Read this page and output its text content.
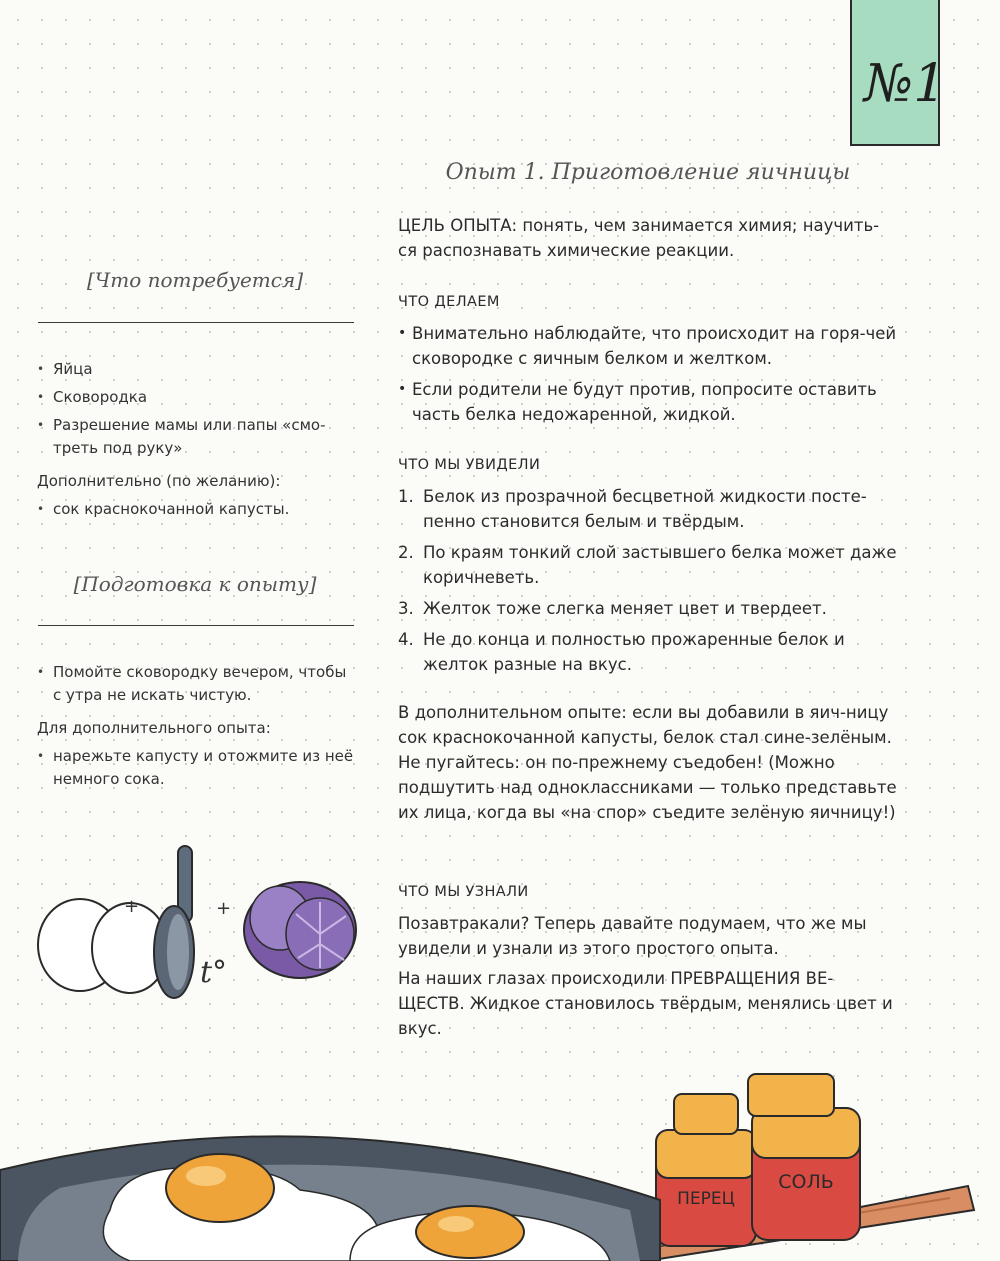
№1
Опыт 1. Приготовление яичницы
[Что потребуется]
• Яйца
• Сковородка
• Разрешение мамы или папы «смо-треть под руку»
Дополнительно (по желанию):
• сок краснокочанной капусты.
[Подготовка к опыту]
• Помойте сковородку вечером, чтобы с утра не искать чистую.
Для дополнительного опыта:
• нарежьте капусту и отожмите из неё немного сока.
ЦЕЛЬ ОПЫТА: понять, чем занимается химия; научить-ся распознавать химические реакции.
ЧТО ДЕЛАЕМ
• Внимательно наблюдайте, что происходит на горя-чей сковородке с яичным белком и желтком.
• Если родители не будут против, попросите оставить часть белка недожаренной, жидкой.
ЧТО МЫ УВИДЕЛИ
1. Белок из прозрачной бесцветной жидкости посте-пенно становится белым и твёрдым.
2. По краям тонкий слой застывшего белка может даже коричневеть.
3. Желток тоже слегка меняет цвет и твердеет.
4. Не до конца и полностью прожаренные белок и желток разные на вкус.
В дополнительном опыте: если вы добавили в яич-ницу сок краснокочанной капусты, белок стал сине-зелёным. Не пугайтесь: он по-прежнему съедобен! (Можно подшутить над одноклассниками — только представьте их лица, когда вы «на спор» съедите зелёную яичницу!)
ЧТО МЫ УЗНАЛИ

Позавтракали? Теперь давайте подумаем, что же мы увидели и узнали из этого простого опыта.

На наших глазах происходили ПРЕВРАЩЕНИЯ ВЕ-ЩЕСТВ. Жидкое становилось твёрдым, менялись цвет и вкус.

+	+
t°
ПЕРЕЦ
СОЛЬ
